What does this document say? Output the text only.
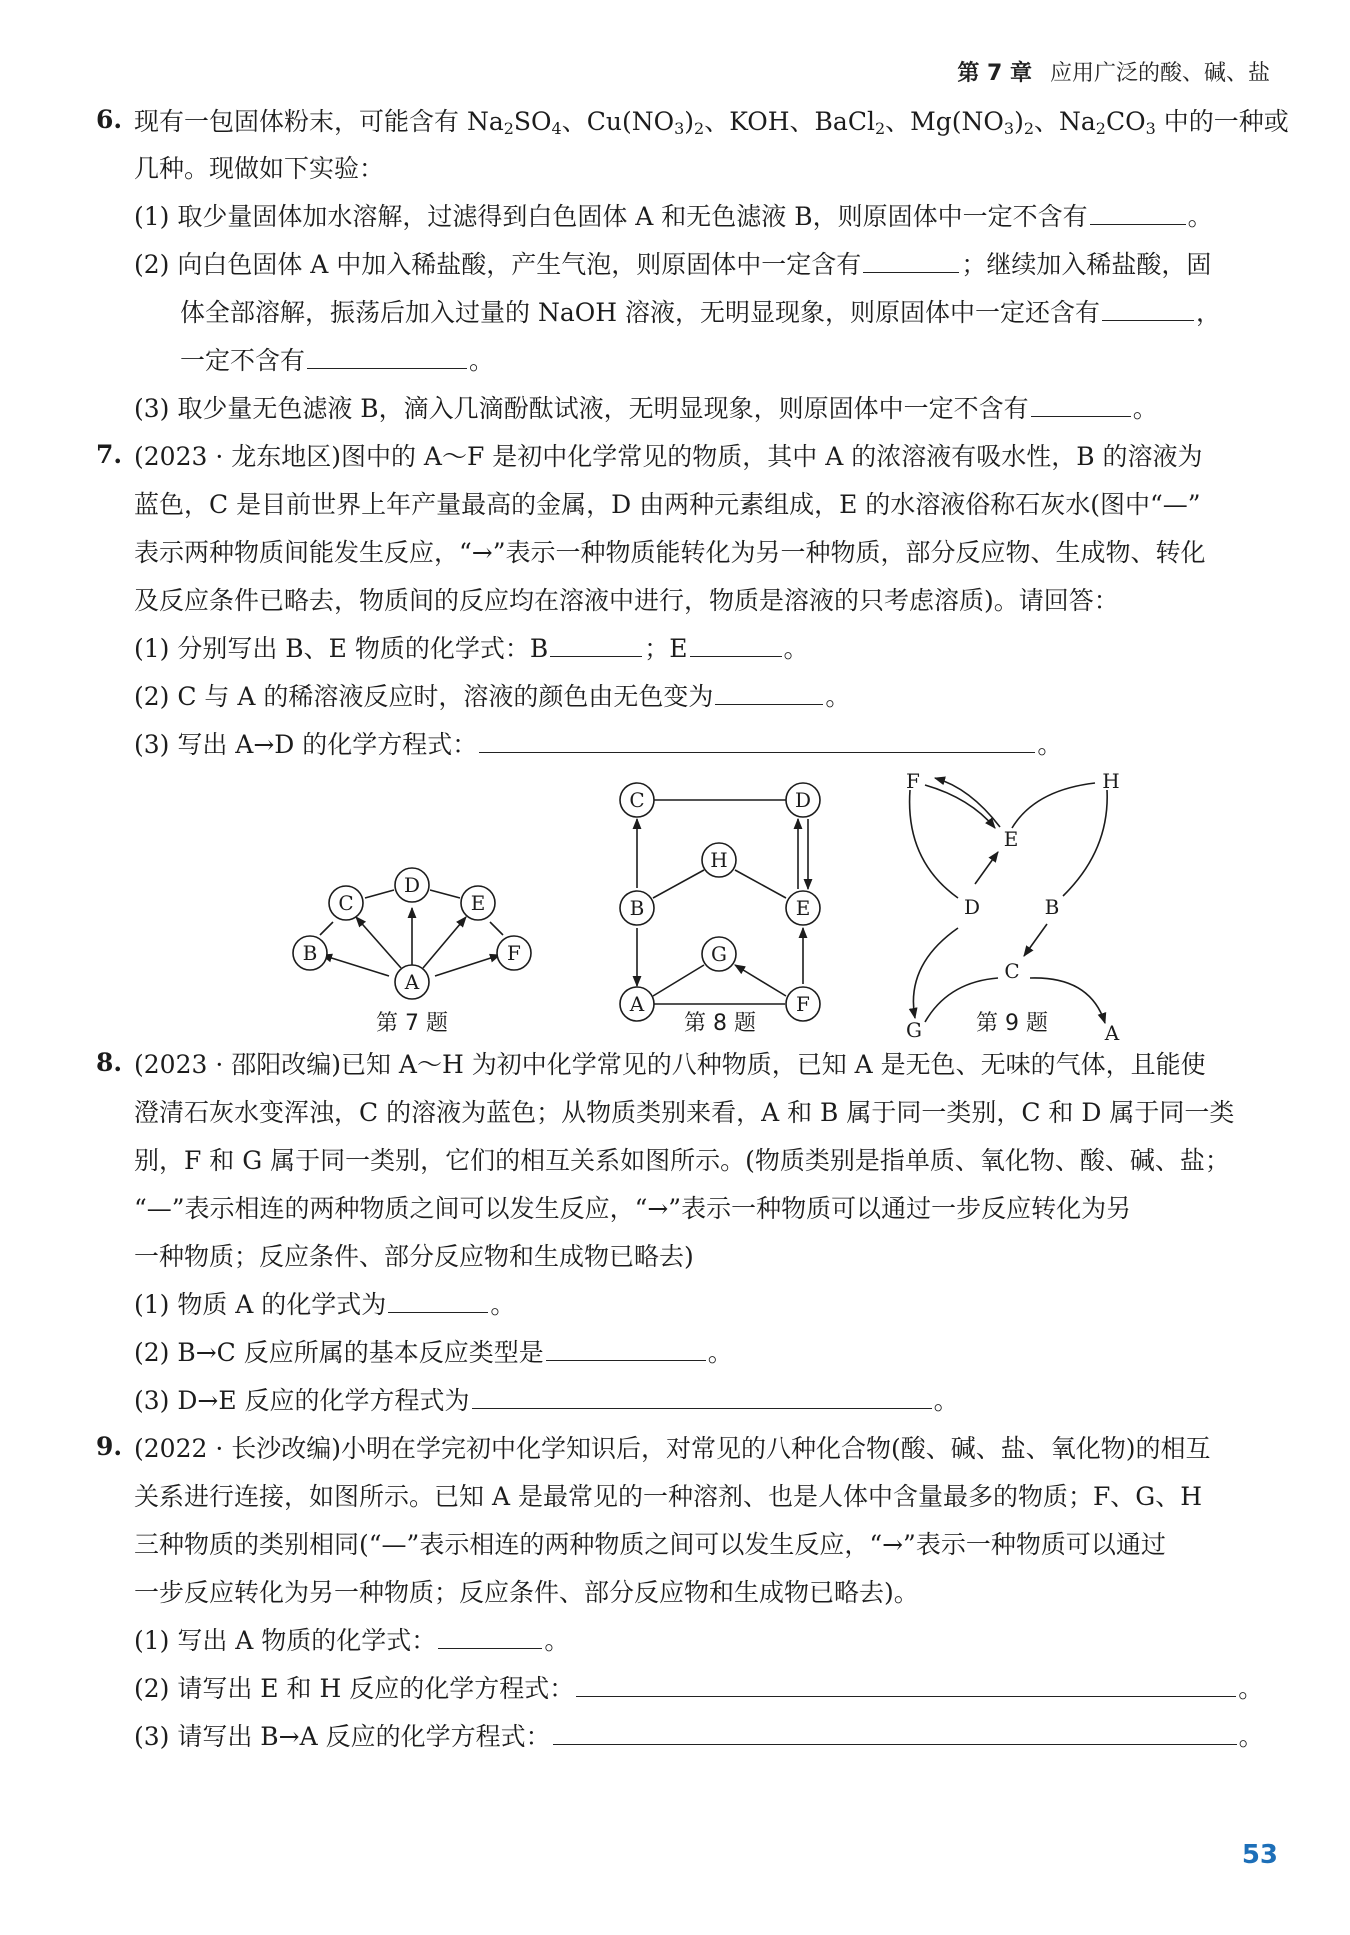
第 7 章 应用广泛的酸、碱、盐
6. 现有一包固体粉末，可能含有 $Na_2SO_4$、$Cu(NO_3)_2$、KOH、BaCl$_2$、$Mg(NO_3)_2$、$Na_2CO_3$ 中的一种或
几种。现做如下实验：
(1) 取少量固体加水溶解，过滤得到白色固体 A 和无色滤液 B，则原固体中一定不含有	。
(2) 向白色固体 A 中加入稀盐酸，产生气泡，则原固体中一定含有	；继续加入稀盐酸，固
体全部溶解，振荡后加入过量的 NaOH 溶液，无明显现象，则原固体中一定还含有	，
一定不含有	。
(3) 取少量无色滤液 B，滴入几滴酚酞试液，无明显现象，则原固体中一定不含有	。
7. (2023 · 龙东地区)图中的 A～F 是初中化学常见的物质，其中 A 的浓溶液有吸水性，B 的溶液为
蓝色，C 是目前世界上年产量最高的金属，D 由两种元素组成，E 的水溶液俗称石灰水(图中“—”
表示两种物质间能发生反应，“→”表示一种物质能转化为另一种物质，部分反应物、生成物、转化
及反应条件已略去，物质间的反应均在溶液中进行，物质是溶液的只考虑溶质)。请回答：
(1) 分别写出 B、E 物质的化学式：B	；E	。
(2) C 与 A 的稀溶液反应时，溶液的颜色由无色变为	。
(3) 写出 A→D 的化学方程式：	。
A
B
C
D
E
F
C	D
H
B	E
G
A	F
F	H
E
D	B
C
G	A
第 7 题	第 8 题	第 9 题
8. (2023 · 邵阳改编)已知 A～H 为初中化学常见的八种物质，已知 A 是无色、无味的气体，且能使
澄清石灰水变浑浊，C 的溶液为蓝色；从物质类别来看，A 和 B 属于同一类别，C 和 D 属于同一类
别，F 和 G 属于同一类别，它们的相互关系如图所示。(物质类别是指单质、氧化物、酸、碱、盐；
“—”表示相连的两种物质之间可以发生反应，“→”表示一种物质可以通过一步反应转化为另
一种物质；反应条件、部分反应物和生成物已略去)
(1) 物质 A 的化学式为	。
(2) B→C 反应所属的基本反应类型是	。
(3) D→E 反应的化学方程式为	。
9. (2022 · 长沙改编)小明在学完初中化学知识后，对常见的八种化合物(酸、碱、盐、氧化物)的相互
关系进行连接，如图所示。已知 A 是最常见的一种溶剂、也是人体中含量最多的物质；F、G、H
三种物质的类别相同(“—”表示相连的两种物质之间可以发生反应，“→”表示一种物质可以通过
一步反应转化为另一种物质；反应条件、部分反应物和生成物已略去)。
(1) 写出 A 物质的化学式：	。
(2) 请写出 E 和 H 反应的化学方程式：	。
(3) 请写出 B→A 反应的化学方程式：	。
53
